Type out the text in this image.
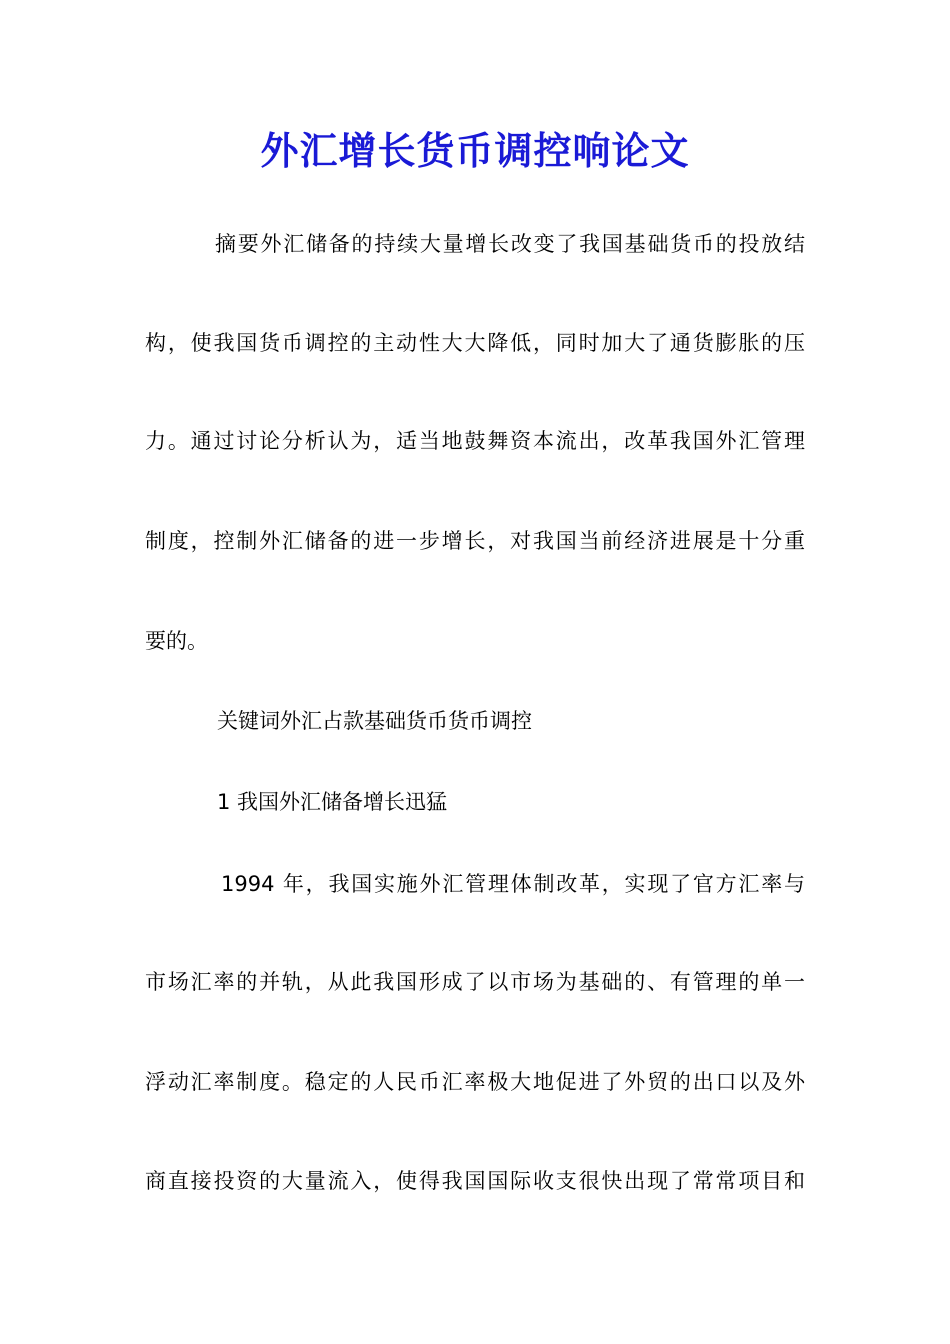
外汇增长货币调控响论文
摘要外汇储备的持续大量增长改变了我国基础货币的投放结
构，使我国货币调控的主动性大大降低，同时加大了通货膨胀的压
力。通过讨论分析认为，适当地鼓舞资本流出，改革我国外汇管理
制度，控制外汇储备的进一步增长，对我国当前经济进展是十分重
要的。
关键词外汇占款基础货币货币调控
1 我国外汇储备增长迅猛
1994 年，我国实施外汇管理体制改革，实现了官方汇率与
市场汇率的并轨，从此我国形成了以市场为基础的、有管理的单一
浮动汇率制度。稳定的人民币汇率极大地促进了外贸的出口以及外
商直接投资的大量流入，使得我国国际收支很快出现了常常项目和
